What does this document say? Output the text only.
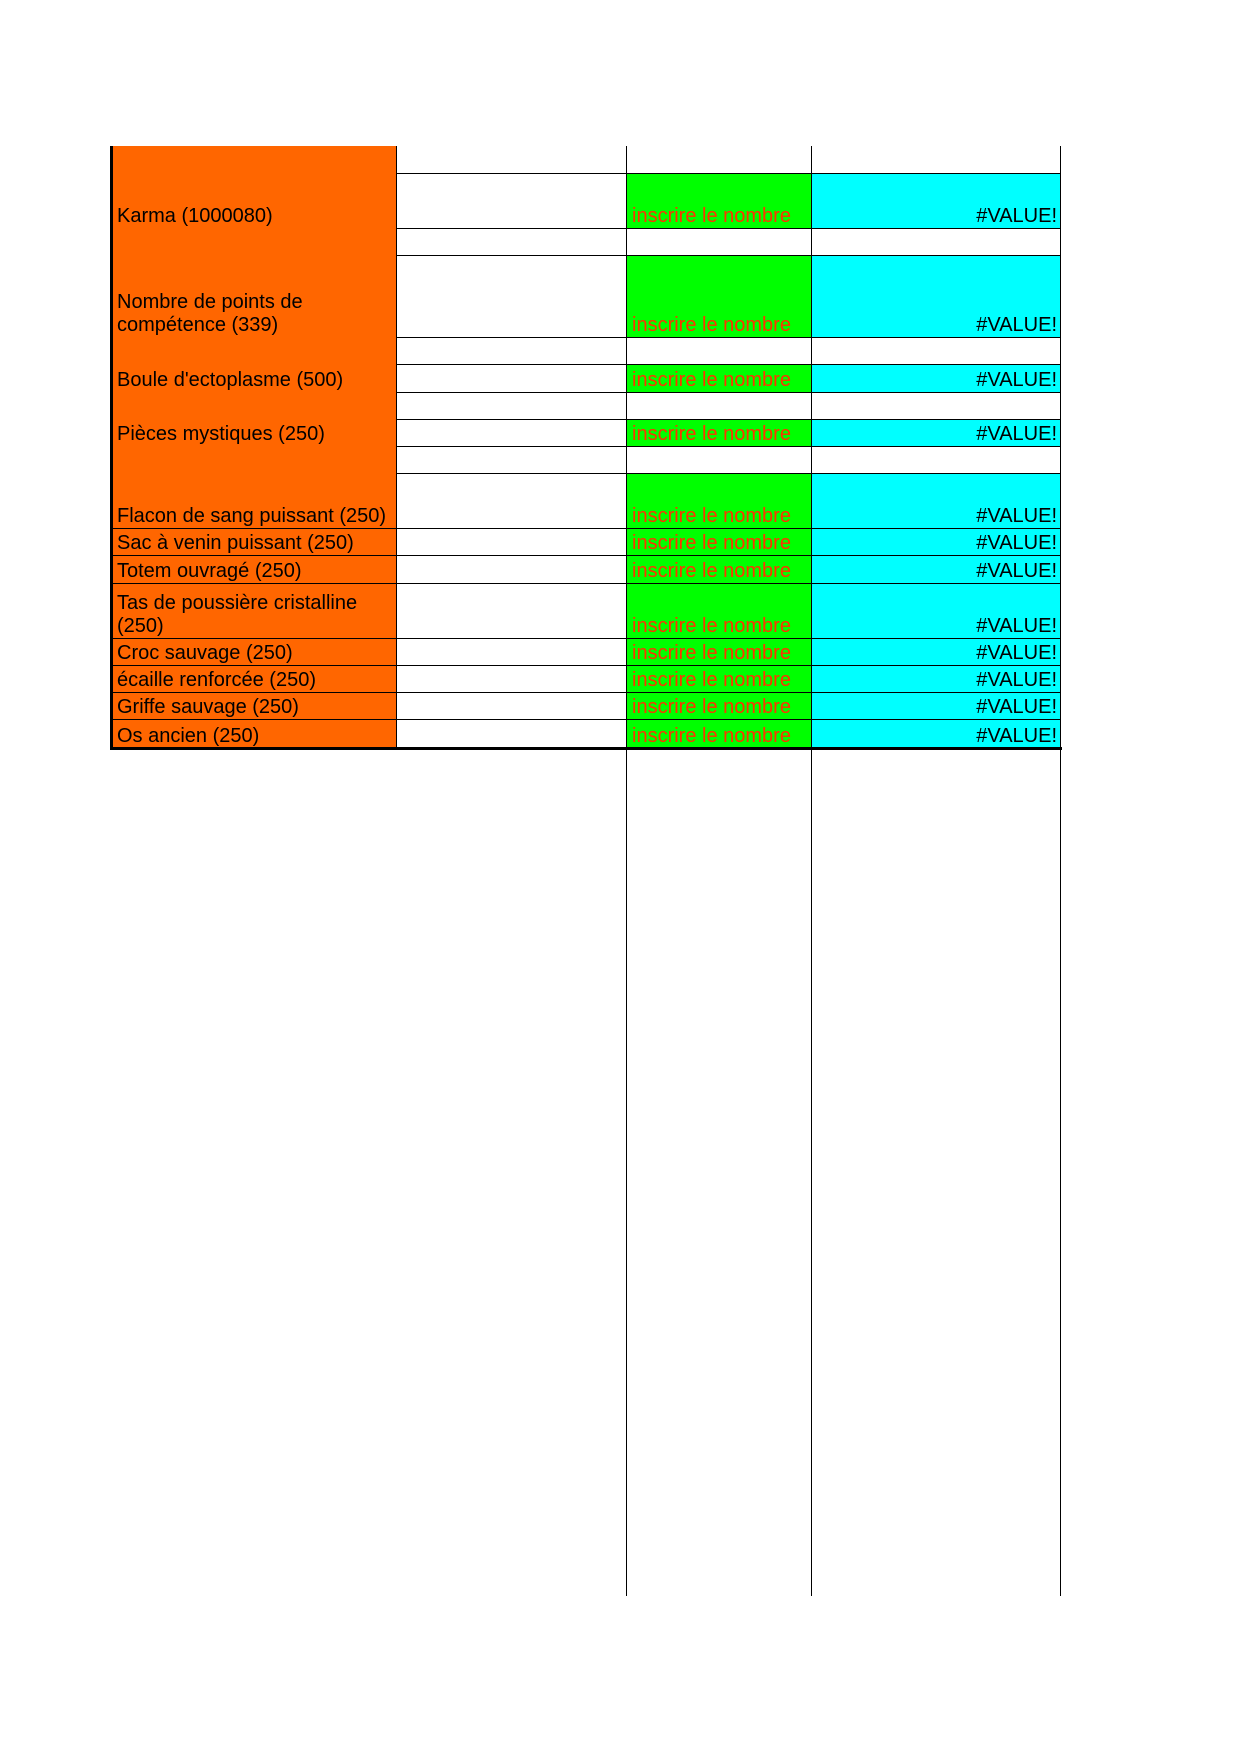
Karma (1000080)	inscrire le nombre	#VALUE!
Nombre de points de compétence (339)	inscrire le nombre	#VALUE!
Boule d'ectoplasme (500)	inscrire le nombre	#VALUE!
Pièces mystiques (250)	inscrire le nombre	#VALUE!
Flacon de sang puissant (250)	inscrire le nombre	#VALUE!
Sac à venin puissant (250)	inscrire le nombre	#VALUE!
Totem ouvragé (250)	inscrire le nombre	#VALUE!
Tas de poussière cristalline (250)	inscrire le nombre	#VALUE!
Croc sauvage (250)	inscrire le nombre	#VALUE!
écaille renforcée (250)	inscrire le nombre	#VALUE!
Griffe sauvage (250)	inscrire le nombre	#VALUE!
Os ancien (250)	inscrire le nombre	#VALUE!
